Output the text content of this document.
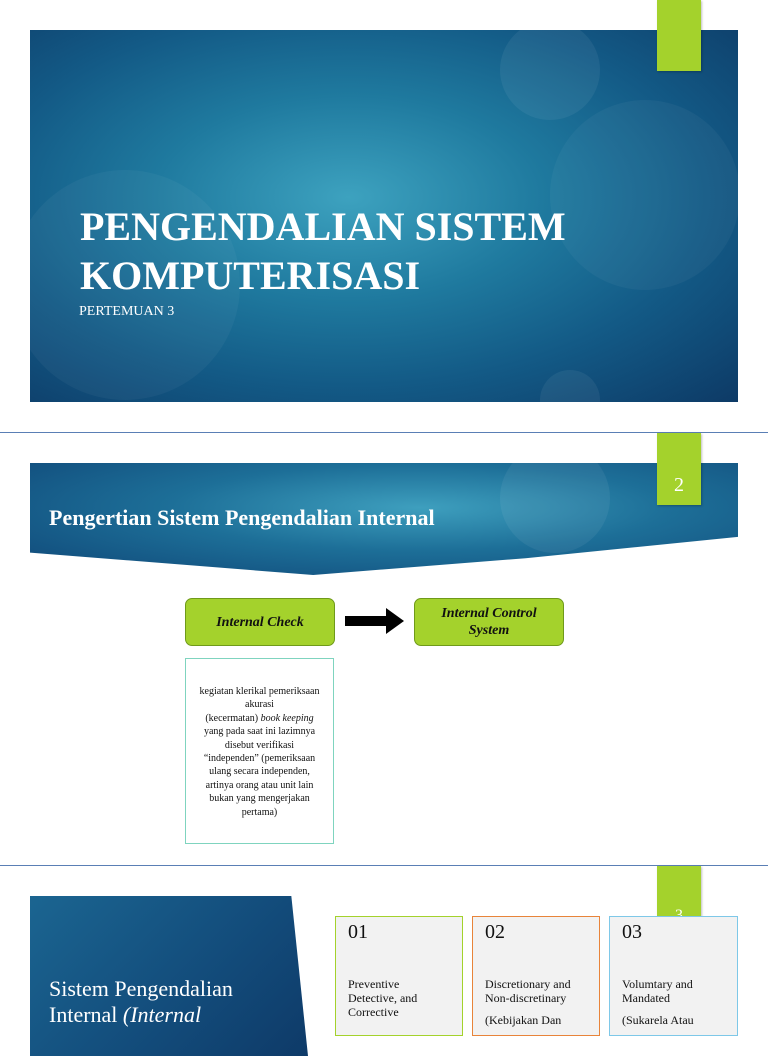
PENGENDALIAN SISTEM
KOMPUTERISASI
PERTEMUAN 3
Pengertian Sistem Pengendalian Internal
2
Internal Check
Internal Control System
kegiatan klerikal pemeriksaan
akurasi
(kecermatan) book keeping
yang pada saat ini lazimnya
disebut verifikasi
“independen” (pemeriksaan
ulang secara independen,
artinya orang atau unit lain
bukan yang mengerjakan
pertama)
Sistem Pengendalian
Internal (Internal
01
Preventive
Detective, and
Corrective
02
Discretionary and
Non-discretinary
(Kebijakan Dan
03
Volumtary and
Mandated
(Sukarela Atau
